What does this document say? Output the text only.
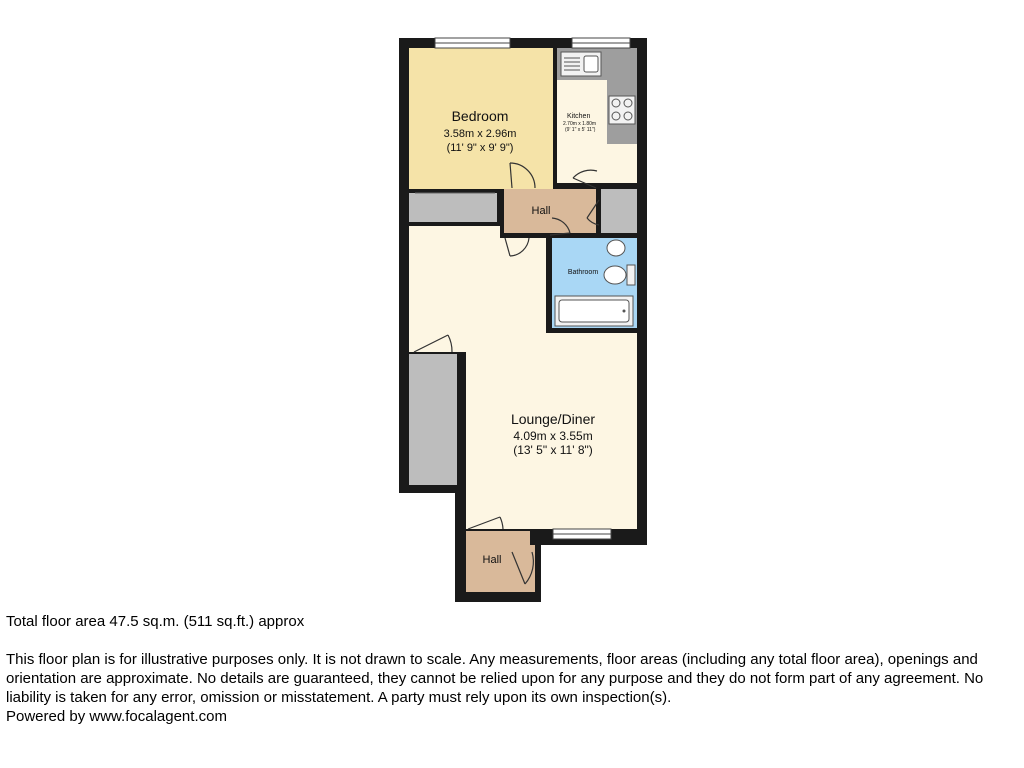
Bedroom
3.58m x 2.96m
(11' 9" x 9' 9")
Kitchen
2.70m x 1.80m
(9' 1" x 5' 11")
Hall
Bathroom
Lounge/Diner
4.09m x 3.55m
(13' 5" x 11' 8")
Hall
Total floor area 47.5 sq.m. (511 sq.ft.) approx
This floor plan is for illustrative purposes only. It is not drawn to scale. Any measurements, floor areas (including any total floor area), openings and orientation are approximate. No details are guaranteed, they cannot be relied upon for any purpose and they do not form part of any agreement. No liability is taken for any error, omission or misstatement. A party must rely upon its own inspection(s).
Powered by www.focalagent.com
